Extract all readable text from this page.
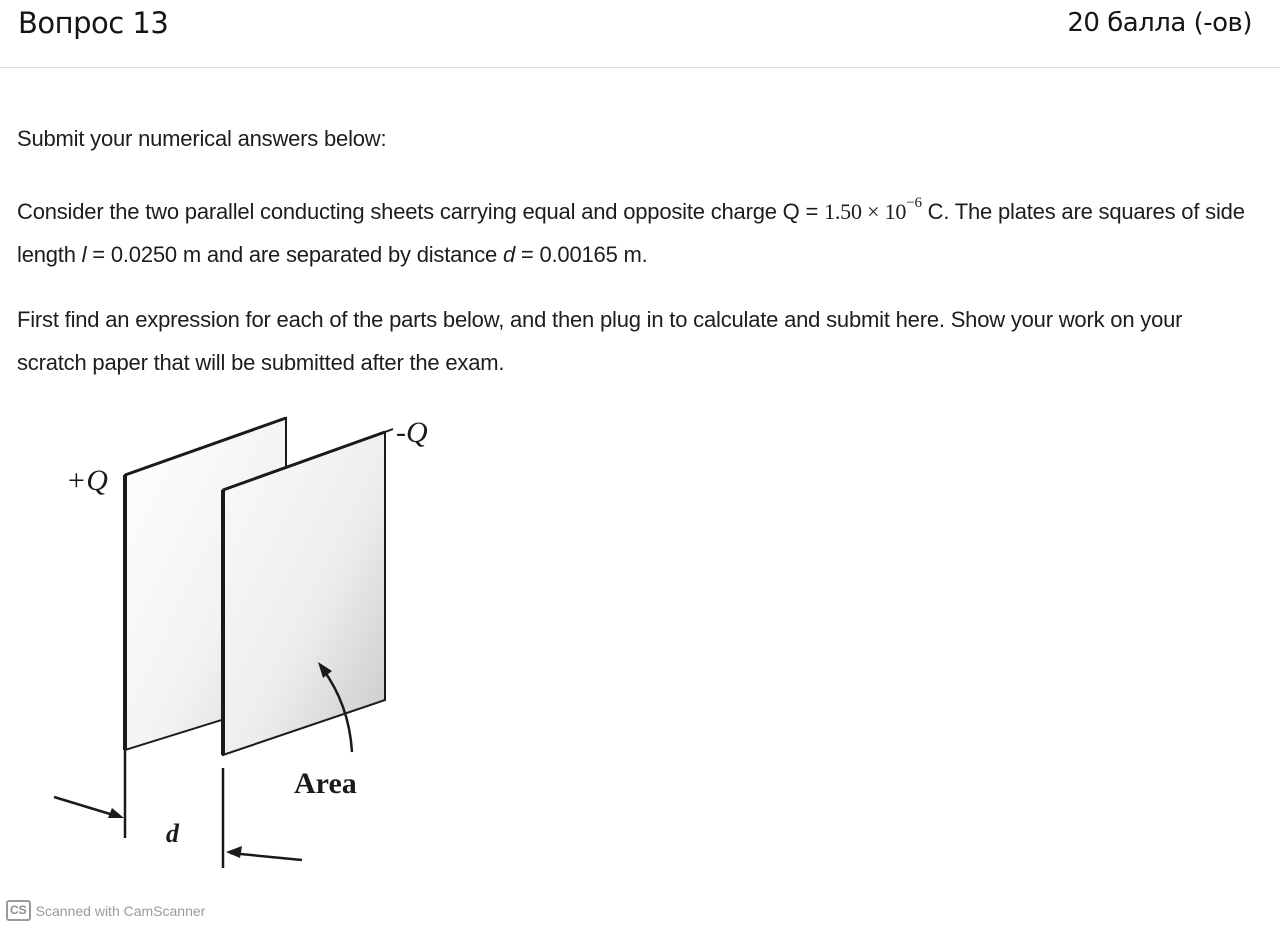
Вопрос 13	20 балла (-ов)

Submit your numerical answers below:

Consider the two parallel conducting sheets carrying equal and opposite charge $Q = 1.50 \times 10^{-6}$ C. The plates are squares of side length l = 0.0250 m and are separated by distance d = 0.00165 m.

First find an expression for each of the parts below, and then plug in to calculate and submit here. Show your work on your scratch paper that will be submitted after the exam.

+Q
-Q
Area
d
CS Scanned with CamScanner
